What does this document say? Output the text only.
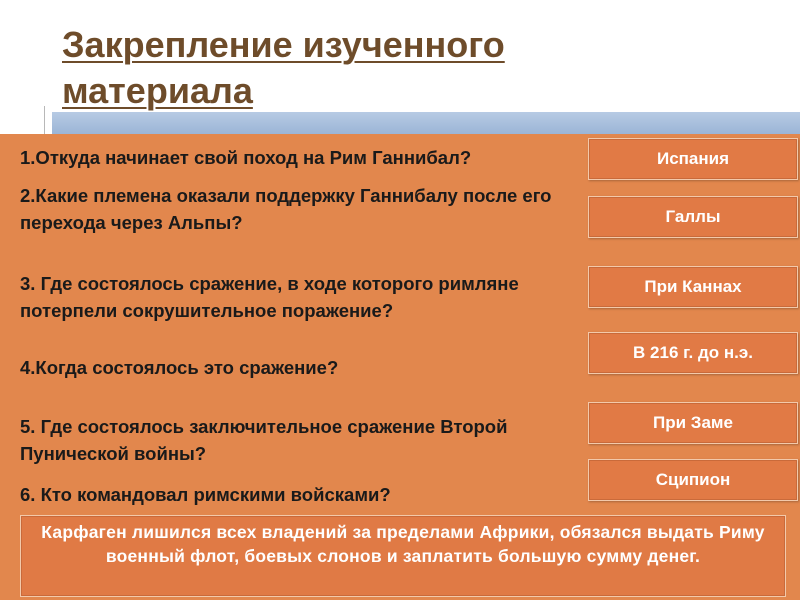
Закрепление изученного материала
1.Откуда начинает свой поход на Рим Ганнибал?
2.Какие племена оказали поддержку Ганнибалу после его
перехода через Альпы?
3. Где состоялось сражение, в ходе которого римляне
потерпели сокрушительное поражение?
4.Когда состоялось это сражение?
5. Где состоялось заключительное сражение Второй
Пунической войны?
6. Кто командовал римскими войсками?
Испания
Галлы
При Каннах
В 216 г. до н.э.
При Заме
Сципион
Карфаген лишился всех владений за пределами Африки, обязался выдать Риму военный флот, боевых слонов и заплатить большую сумму денег.
